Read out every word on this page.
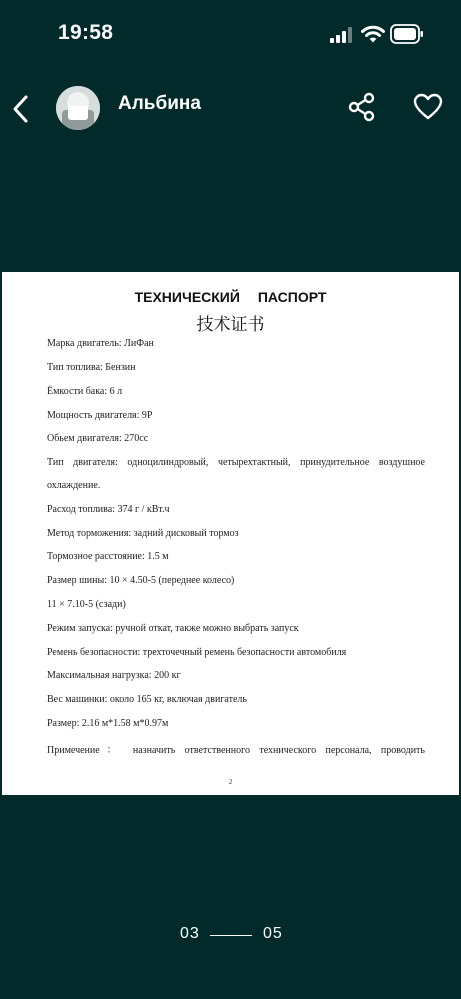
19:58
Альбина
ТЕХНИЧЕСКИЙ ПАСПОРТ
技术证书
Марка двигатель: ЛиФан
Тип топлива: Бензин
Ёмкости бака: 6 л
Мощность двигателя: 9Р
Обьем двигателя: 270cc
Тип двигателя: одноцилиндровый, четырехтактный, принудительное воздушное
охлаждение.
Расход топлива: 374 г / кВт.ч
Метод торможения: задний дисковый тормоз
Тормозное расстояние: 1.5 м
Размер шины: 10 × 4.50-5 (переднее колесо)
11 × 7.10-5 (сзади)
Режим запуска: ручной откат, также можно выбрать запуск
Ремень безопасности: трехточечный ремень безопасности автомобиля
Максимальная нагрузка: 200 кг
Вес машинки: около 165 кг, включая двигатель
Размер: 2.16 м*1.58 м*0.97м
Примечение： назначить ответственного технического персонала, проводить
2
03	05
